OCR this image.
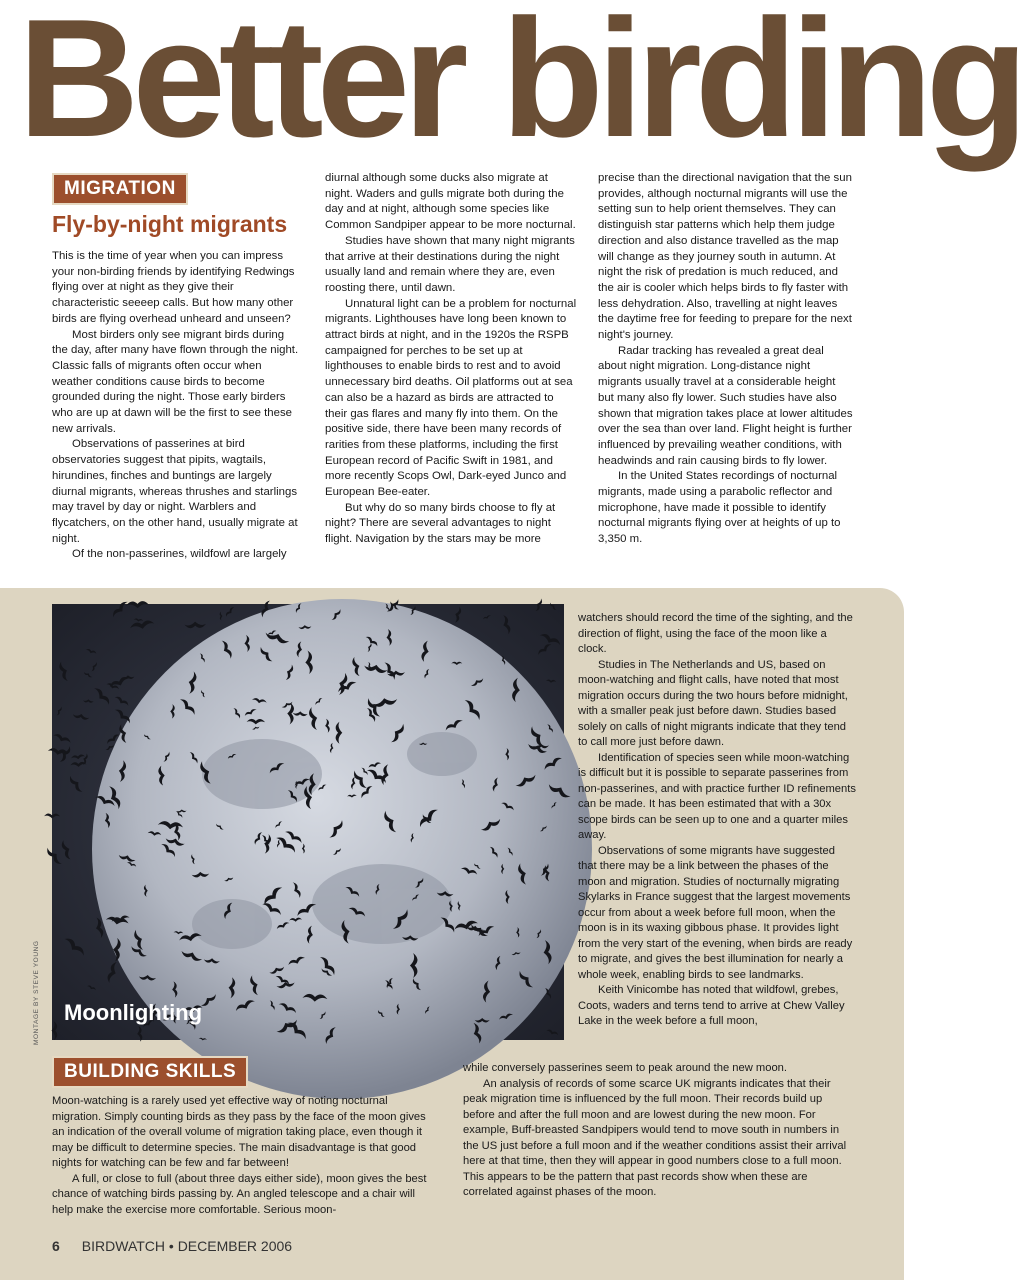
Better birding
MIGRATION
Fly-by-night migrants

This is the time of year when you can impress your non-birding friends by identifying Redwings flying over at night as they give their characteristic seeeep calls. But how many other birds are flying overhead unheard and unseen?

Most birders only see migrant birds during the day, after many have flown through the night. Classic falls of migrants often occur when weather conditions cause birds to become grounded during the night. Those early birders who are up at dawn will be the first to see these new arrivals.

Observations of passerines at bird observatories suggest that pipits, wagtails, hirundines, finches and buntings are largely diurnal migrants, whereas thrushes and starlings may travel by day or night. Warblers and flycatchers, on the other hand, usually migrate at night.

Of the non-passerines, wildfowl are largely

diurnal although some ducks also migrate at night. Waders and gulls migrate both during the day and at night, although some species like Common Sandpiper appear to be more nocturnal.

Studies have shown that many night migrants that arrive at their destinations during the night usually land and remain where they are, even roosting there, until dawn.

Unnatural light can be a problem for nocturnal migrants. Lighthouses have long been known to attract birds at night, and in the 1920s the RSPB campaigned for perches to be set up at lighthouses to enable birds to rest and to avoid unnecessary bird deaths. Oil platforms out at sea can also be a hazard as birds are attracted to their gas flares and many fly into them. On the positive side, there have been many records of rarities from these platforms, including the first European record of Pacific Swift in 1981, and more recently Scops Owl, Dark-eyed Junco and European Bee-eater.

But why do so many birds choose to fly at night? There are several advantages to night flight. Navigation by the stars may be more

precise than the directional navigation that the sun provides, although nocturnal migrants will use the setting sun to help orient themselves. They can distinguish star patterns which help them judge direction and also distance travelled as the map will change as they journey south in autumn. At night the risk of predation is much reduced, and the air is cooler which helps birds to fly faster with less dehydration. Also, travelling at night leaves the daytime free for feeding to prepare for the next night's journey.

Radar tracking has revealed a great deal about night migration. Long-distance night migrants usually travel at a considerable height but many also fly lower. Such studies have also shown that migration takes place at lower altitudes over the sea than over land. Flight height is further influenced by prevailing weather conditions, with headwinds and rain causing birds to fly lower.

In the United States recordings of nocturnal migrants, made using a parabolic reflector and microphone, have made it possible to identify nocturnal migrants flying over at heights of up to 3,350 m.

Moonlighting
MONTAGE BY STEVE YOUNG
BUILDING SKILLS

Moon-watching is a rarely used yet effective way of noting nocturnal migration. Simply counting birds as they pass by the face of the moon gives an indication of the overall volume of migration taking place, even though it may be difficult to determine species. The main disadvantage is that good nights for watching can be few and far between!

A full, or close to full (about three days either side), moon gives the best chance of watching birds passing by. An angled telescope and a chair will help make the exercise more comfortable. Serious moon-

watchers should record the time of the sighting, and the direction of flight, using the face of the moon like a clock.

Studies in The Netherlands and US, based on moon-watching and flight calls, have noted that most migration occurs during the two hours before midnight, with a smaller peak just before dawn. Studies based solely on calls of night migrants indicate that they tend to call more just before dawn.

Identification of species seen while moon-watching is difficult but it is possible to separate passerines from non-passerines, and with practice further ID refinements can be made. It has been estimated that with a 30x scope birds can be seen up to one and a quarter miles away.

Observations of some migrants have suggested that there may be a link between the phases of the moon and migration. Studies of nocturnally migrating Skylarks in France suggest that the largest movements occur from about a week before full moon, when the moon is in its waxing gibbous phase. It provides light from the very start of the evening, when birds are ready to migrate, and gives the best illumination for nearly a whole week, enabling birds to see landmarks.

Keith Vinicombe has noted that wildfowl, grebes, Coots, waders and terns tend to arrive at Chew Valley Lake in the week before a full moon,

while conversely passerines seem to peak around the new moon.

An analysis of records of some scarce UK migrants indicates that their peak migration time is influenced by the full moon. Their records build up before and after the full moon and are lowest during the new moon. For example, Buff-breasted Sandpipers would tend to move south in numbers in the US just before a full moon and if the weather conditions assist their arrival here at that time, then they will appear in good numbers close to a full moon. This appears to be the pattern that past records show when these are correlated against phases of the moon.

6 BIRDWATCH • DECEMBER 2006
